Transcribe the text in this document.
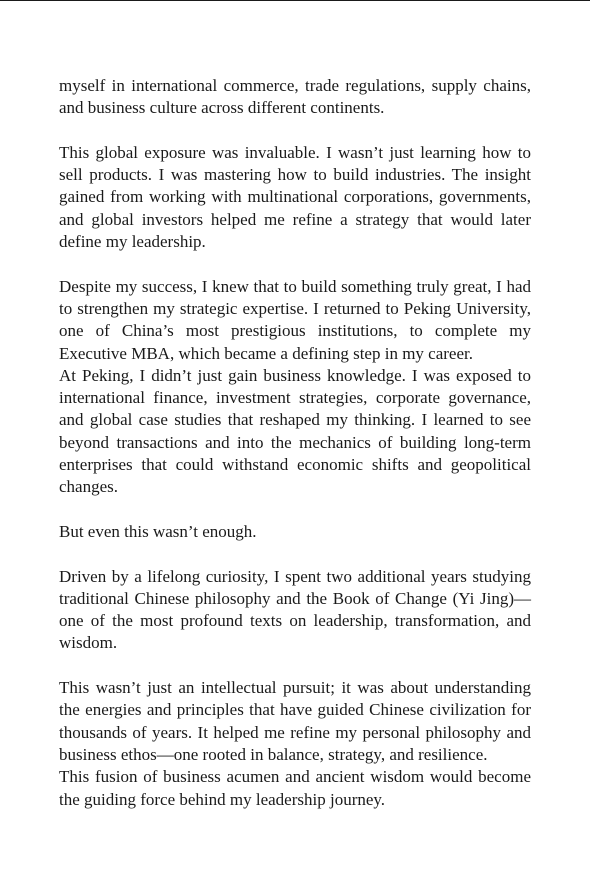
myself in international commerce, trade regulations, supply chains, and business culture across different continents.

This global exposure was invaluable. I wasn’t just learning how to sell products. I was mastering how to build industries. The insight gained from working with multinational corporations, governments, and global investors helped me refine a strategy that would later define my leadership.

Despite my success, I knew that to build something truly great, I had to strengthen my strategic expertise. I returned to Peking University, one of China’s most prestigious institutions, to complete my Executive MBA, which became a defining step in my career.

At Peking, I didn’t just gain business knowledge. I was exposed to international finance, investment strategies, corporate governance, and global case studies that reshaped my thinking. I learned to see beyond transactions and into the mechanics of building long-term enterprises that could withstand economic shifts and geopolitical changes.

But even this wasn’t enough.

Driven by a lifelong curiosity, I spent two additional years studying traditional Chinese philosophy and the Book of Change (Yi Jing)—one of the most profound texts on leadership, transformation, and wisdom.

This wasn’t just an intellectual pursuit; it was about understanding the energies and principles that have guided Chinese civilization for thousands of years. It helped me refine my personal philosophy and business ethos—one rooted in balance, strategy, and resilience.

This fusion of business acumen and ancient wisdom would become the guiding force behind my leadership journey.
